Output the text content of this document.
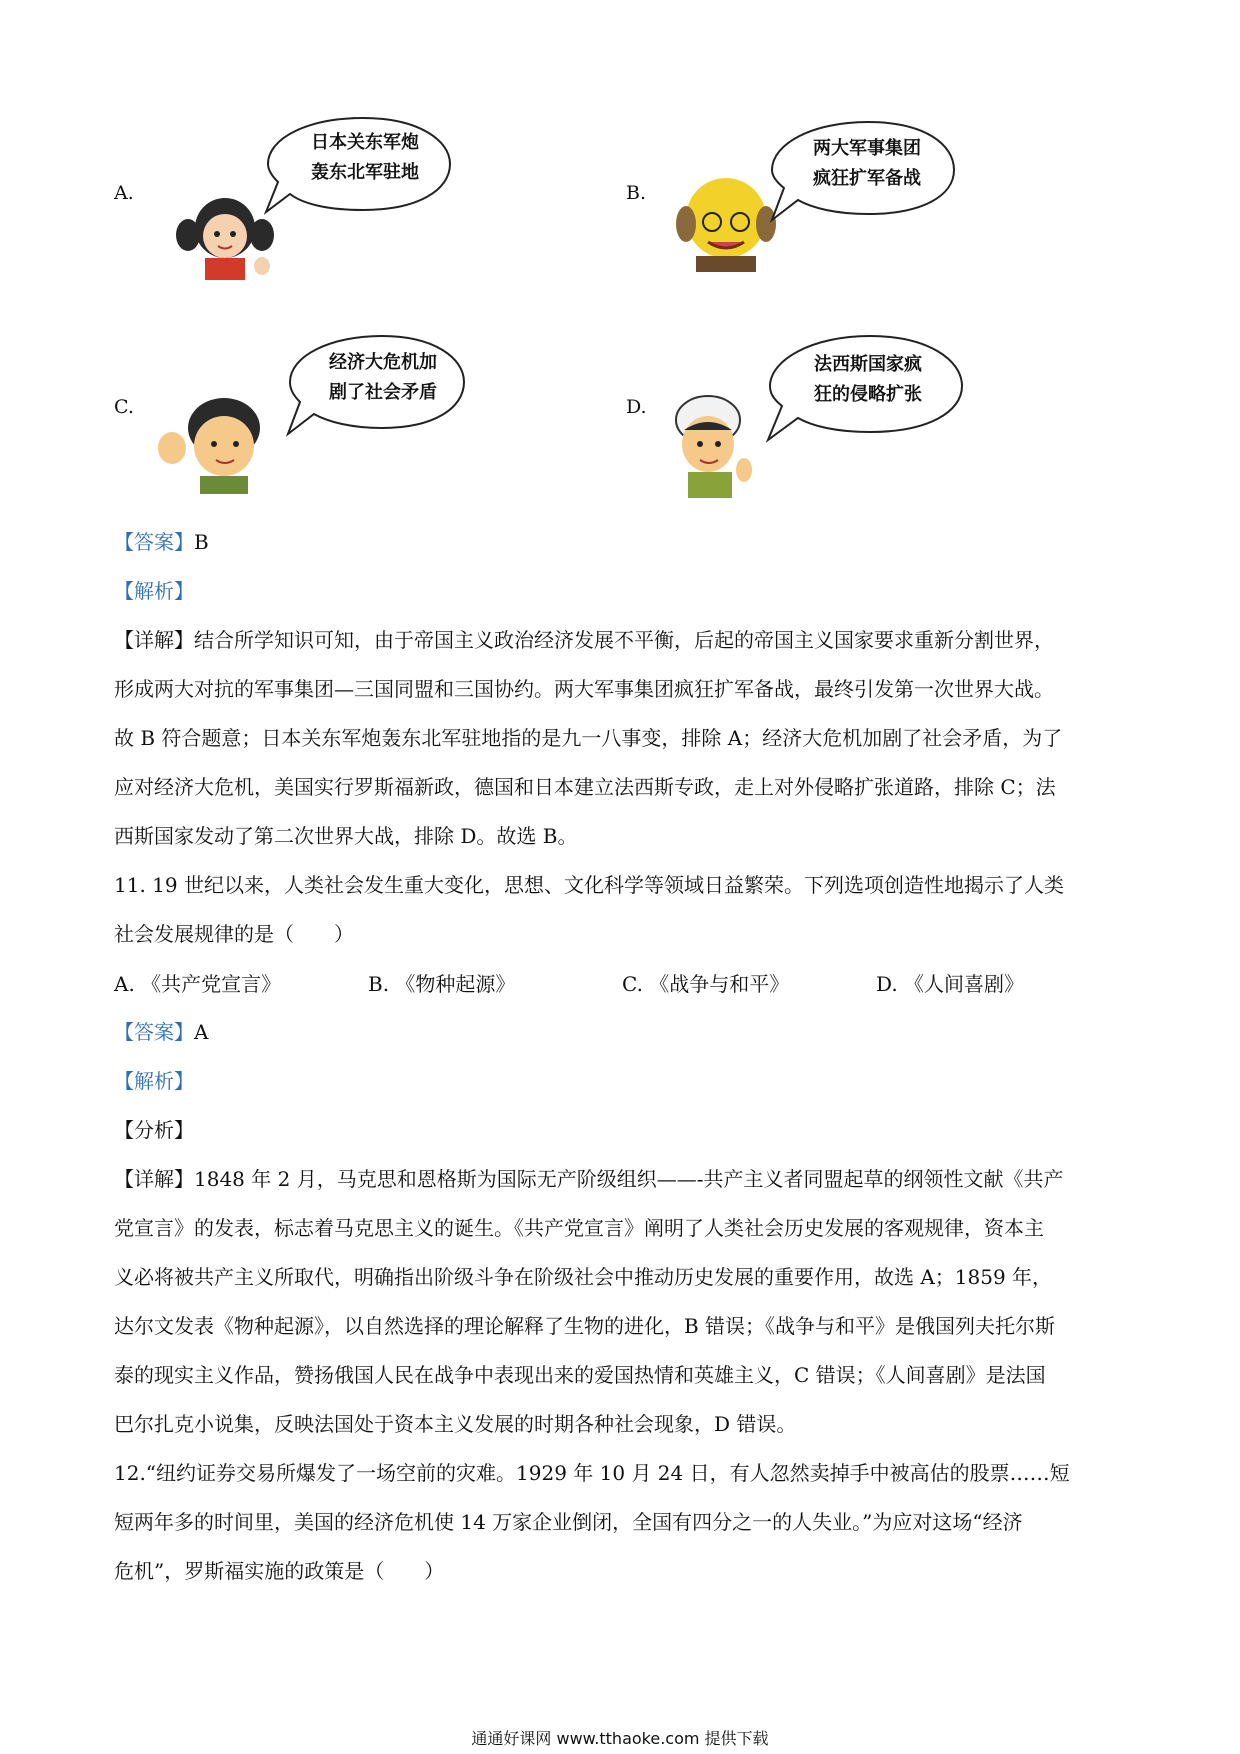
A.
日本关东军炮
轰东北军驻地
B.
两大军事集团
疯狂扩军备战
C.
经济大危机加
剧了社会矛盾
D.
法西斯国家疯
狂的侵略扩张
【答案】B
【解析】
【详解】结合所学知识可知，由于帝国主义政治经济发展不平衡，后起的帝国主义国家要求重新分割世界，
形成两大对抗的军事集团—三国同盟和三国协约。两大军事集团疯狂扩军备战，最终引发第一次世界大战。
故 B 符合题意；日本关东军炮轰东北军驻地指的是九一八事变，排除 A；经济大危机加剧了社会矛盾，为了
应对经济大危机，美国实行罗斯福新政，德国和日本建立法西斯专政，走上对外侵略扩张道路，排除 C；法
西斯国家发动了第二次世界大战，排除 D。故选 B。
11. 19 世纪以来，人类社会发生重大变化，思想、文化科学等领域日益繁荣。下列选项创造性地揭示了人类
社会发展规律的是（　　）
A. 《共产党宣言》	B. 《物种起源》	C. 《战争与和平》	D. 《人间喜剧》
【答案】A
【解析】
【分析】
【详解】1848 年 2 月，马克思和恩格斯为国际无产阶级组织——-共产主义者同盟起草的纲领性文献《共产
党宣言》的发表，标志着马克思主义的诞生。《共产党宣言》阐明了人类社会历史发展的客观规律，资本主
义必将被共产主义所取代，明确指出阶级斗争在阶级社会中推动历史发展的重要作用，故选 A；1859 年，
达尔文发表《物种起源》，以自然选择的理论解释了生物的进化，B 错误；《战争与和平》是俄国列夫托尔斯
泰的现实主义作品，赞扬俄国人民在战争中表现出来的爱国热情和英雄主义，C 错误；《人间喜剧》是法国
巴尔扎克小说集，反映法国处于资本主义发展的时期各种社会现象，D 错误。
12.“纽约证券交易所爆发了一场空前的灾难。1929 年 10 月 24 日，有人忽然卖掉手中被高估的股票……短
短两年多的时间里，美国的经济危机使 14 万家企业倒闭，全国有四分之一的人失业。”为应对这场“经济
危机”，罗斯福实施的政策是（　　）
通通好课网 www.tthaoke.com 提供下载
